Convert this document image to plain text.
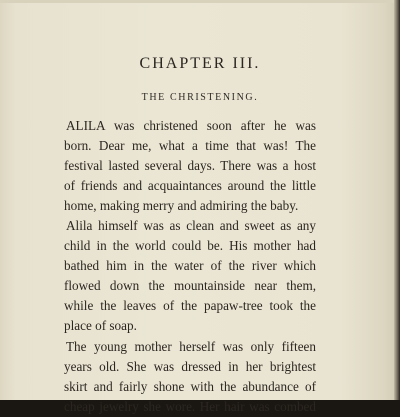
CHAPTER III.
THE CHRISTENING.
ALILA was christened soon after he was
born. Dear me, what a time that was! The
festival lasted several days. There was a host
of friends and acquaintances around the little
home, making merry and admiring the baby.
Alila himself was as clean and sweet as any
child in the world could be. His mother had
bathed him in the water of the river which
flowed down the mountainside near them,
while the leaves of the papaw-tree took the
place of soap.
The young mother herself was only fifteen
years old. She was dressed in her brightest
skirt and fairly shone with the abundance of
cheap jewelry she wore. Her hair was combed
